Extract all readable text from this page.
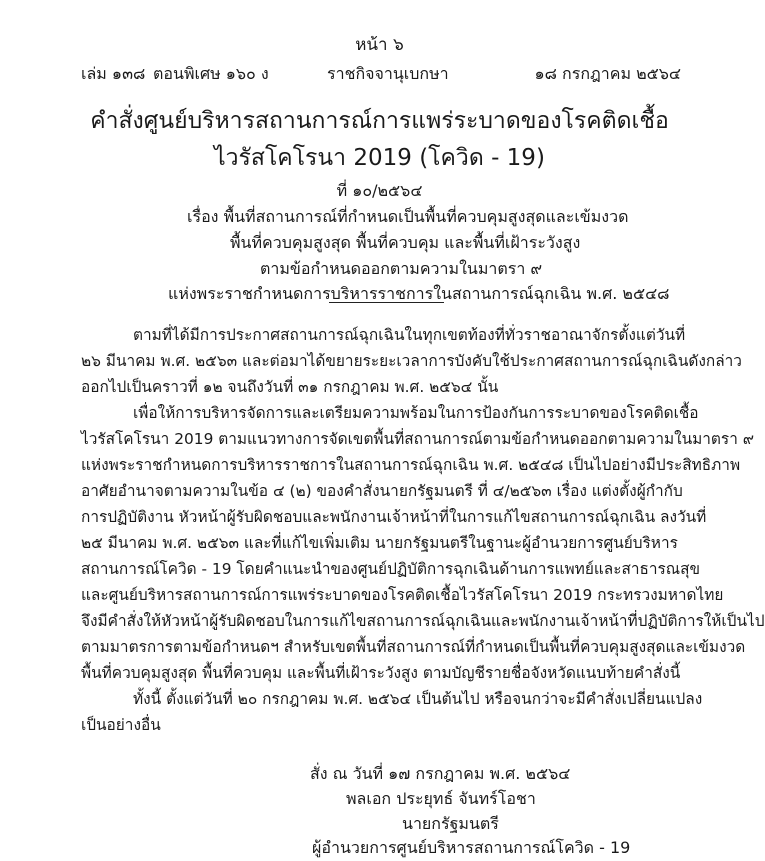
หน้า ๖
เล่ม ๑๓๘ ตอนพิเศษ ๑๖๐ ง	ราชกิจจานุเบกษา	๑๘ กรกฎาคม ๒๕๖๔
คำสั่งศูนย์บริหารสถานการณ์การแพร่ระบาดของโรคติดเชื้อ
ไวรัสโคโรนา 2019 (โควิด - 19)
ที่ ๑๐/๒๕๖๔
เรื่อง พื้นที่สถานการณ์ที่กำหนดเป็นพื้นที่ควบคุมสูงสุดและเข้มงวด
พื้นที่ควบคุมสูงสุด พื้นที่ควบคุม และพื้นที่เฝ้าระวังสูง
ตามข้อกำหนดออกตามความในมาตรา ๙
แห่งพระราชกำหนดการบริหารราชการในสถานการณ์ฉุกเฉิน พ.ศ. ๒๕๔๘
ตามที่ได้มีการประกาศสถานการณ์ฉุกเฉินในทุกเขตท้องที่ทั่วราชอาณาจักรตั้งแต่วันที่
๒๖ มีนาคม พ.ศ. ๒๕๖๓ และต่อมาได้ขยายระยะเวลาการบังคับใช้ประกาศสถานการณ์ฉุกเฉินดังกล่าว
ออกไปเป็นคราวที่ ๑๒ จนถึงวันที่ ๓๑ กรกฎาคม พ.ศ. ๒๕๖๔ นั้น
เพื่อให้การบริหารจัดการและเตรียมความพร้อมในการป้องกันการระบาดของโรคติดเชื้อ
ไวรัสโคโรนา 2019 ตามแนวทางการจัดเขตพื้นที่สถานการณ์ตามข้อกำหนดออกตามความในมาตรา ๙
แห่งพระราชกำหนดการบริหารราชการในสถานการณ์ฉุกเฉิน พ.ศ. ๒๕๔๘ เป็นไปอย่างมีประสิทธิภาพ
อาศัยอำนาจตามความในข้อ ๔ (๒) ของคำสั่งนายกรัฐมนตรี ที่ ๔/๒๕๖๓ เรื่อง แต่งตั้งผู้กำกับ
การปฏิบัติงาน หัวหน้าผู้รับผิดชอบและพนักงานเจ้าหน้าที่ในการแก้ไขสถานการณ์ฉุกเฉิน ลงวันที่
๒๕ มีนาคม พ.ศ. ๒๕๖๓ และที่แก้ไขเพิ่มเติม นายกรัฐมนตรีในฐานะผู้อำนวยการศูนย์บริหาร
สถานการณ์โควิด - 19 โดยคำแนะนำของศูนย์ปฏิบัติการฉุกเฉินด้านการแพทย์และสาธารณสุข
และศูนย์บริหารสถานการณ์การแพร่ระบาดของโรคติดเชื้อไวรัสโคโรนา 2019 กระทรวงมหาดไทย
จึงมีคำสั่งให้หัวหน้าผู้รับผิดชอบในการแก้ไขสถานการณ์ฉุกเฉินและพนักงานเจ้าหน้าที่ปฏิบัติการให้เป็นไป
ตามมาตรการตามข้อกำหนดฯ สำหรับเขตพื้นที่สถานการณ์ที่กำหนดเป็นพื้นที่ควบคุมสูงสุดและเข้มงวด
พื้นที่ควบคุมสูงสุด พื้นที่ควบคุม และพื้นที่เฝ้าระวังสูง ตามบัญชีรายชื่อจังหวัดแนบท้ายคำสั่งนี้
ทั้งนี้ ตั้งแต่วันที่ ๒๐ กรกฎาคม พ.ศ. ๒๕๖๔ เป็นต้นไป หรือจนกว่าจะมีคำสั่งเปลี่ยนแปลง
เป็นอย่างอื่น
สั่ง ณ วันที่ ๑๗ กรกฎาคม พ.ศ. ๒๕๖๔
พลเอก ประยุทธ์ จันทร์โอชา
นายกรัฐมนตรี
ผู้อำนวยการศูนย์บริหารสถานการณ์โควิด - 19
